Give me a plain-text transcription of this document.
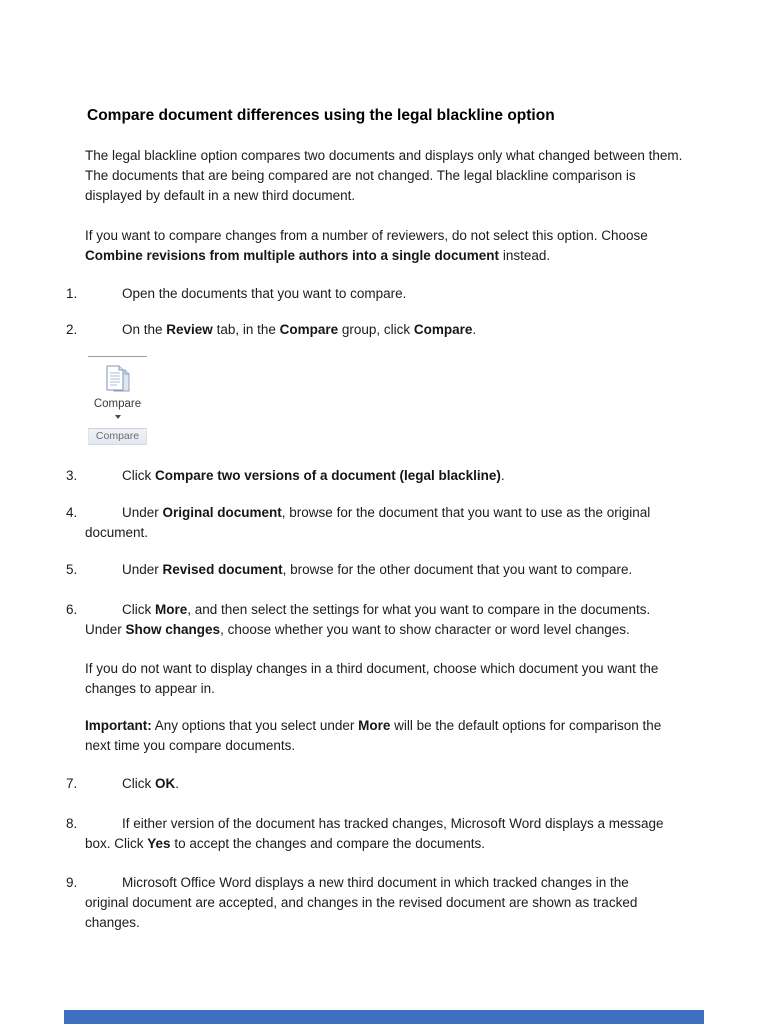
Compare document differences using the legal blackline option
The legal blackline option compares two documents and displays only what changed between them.
The documents that are being compared are not changed. The legal blackline comparison is
displayed by default in a new third document.
If you want to compare changes from a number of reviewers, do not select this option. Choose
Combine revisions from multiple authors into a single document instead.
1.	Open the documents that you want to compare.
2.	On the Review tab, in the Compare group, click Compare.
Compare
Compare
3.	Click Compare two versions of a document (legal blackline).
4.	Under Original document, browse for the document that you want to use as the original
document.
5.	Under Revised document, browse for the other document that you want to compare.
6.	Click More, and then select the settings for what you want to compare in the documents.
Under Show changes, choose whether you want to show character or word level changes.
If you do not want to display changes in a third document, choose which document you want the
changes to appear in.
Important: Any options that you select under More will be the default options for comparison the
next time you compare documents.
7.	Click OK.
8.	If either version of the document has tracked changes, Microsoft Word displays a message
box. Click Yes to accept the changes and compare the documents.
9.	Microsoft Office Word displays a new third document in which tracked changes in the
original document are accepted, and changes in the revised document are shown as tracked
changes.
